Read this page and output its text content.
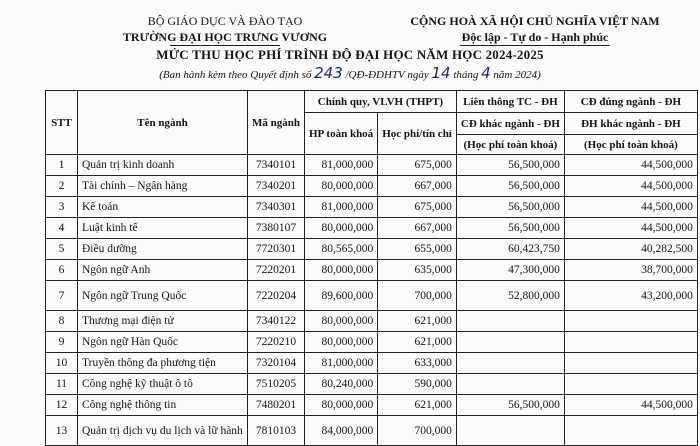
BỘ GIÁO DỤC VÀ ĐÀO TẠO
TRƯỜNG ĐẠI HỌC TRƯNG VƯƠNG
CỘNG HOÀ XÃ HỘI CHỦ NGHĨA VIỆT NAM
Độc lập - Tự do - Hạnh phúc
MỨC THU HỌC PHÍ TRÌNH ĐỘ ĐẠI HỌC NĂM HỌC 2024-2025
(Ban hành kèm theo Quyết định số 243 /QĐ-ĐDHTV ngày 14 tháng 4 năm 2024)
STT	Tên ngành	Mã ngành	Chính quy, VLVH (THPT)		Liên thông TC - ĐH	CĐ đúng ngành - ĐH
			HP toàn khoá	Học phí/tín chỉ	CĐ khác ngành - ĐH	ĐH khác ngành - ĐH
					(Học phí toàn khoá)	(Học phí toàn khoá)
1	Quản trị kinh doanh	7340101	81,000,000	675,000	56,500,000	44,500,000
2	Tài chính – Ngân hàng	7340201	80,000,000	667,000	56,500,000	44,500,000
3	Kế toán	7340301	81,000,000	675,000	56,500,000	44,500,000
4	Luật kinh tế	7380107	80,000,000	667,000	56,500,000	44,500,000
5	Điều dưỡng	7720301	80,565,000	655,000	60,423,750	40,282,500
6	Ngôn ngữ Anh	7220201	80,000,000	635,000	47,300,000	38,700,000
7	Ngôn ngữ Trung Quốc	7220204	89,600,000	700,000	52,800,000	43,200,000
8	Thương mại điện tử	7340122	80,000,000	621,000		
9	Ngôn ngữ Hàn Quốc	7220210	80,000,000	621,000		
10	Truyền thông đa phương tiện	7320104	81,000,000	633,000		
11	Công nghệ kỹ thuật ô tô	7510205	80,240,000	590,000		
12	Công nghệ thông tin	7480201	80,000,000	621,000	56,500,000	44,500,000
13	Quản trị dịch vụ du lịch và lữ hành	7810103	84,000,000	700,000		
